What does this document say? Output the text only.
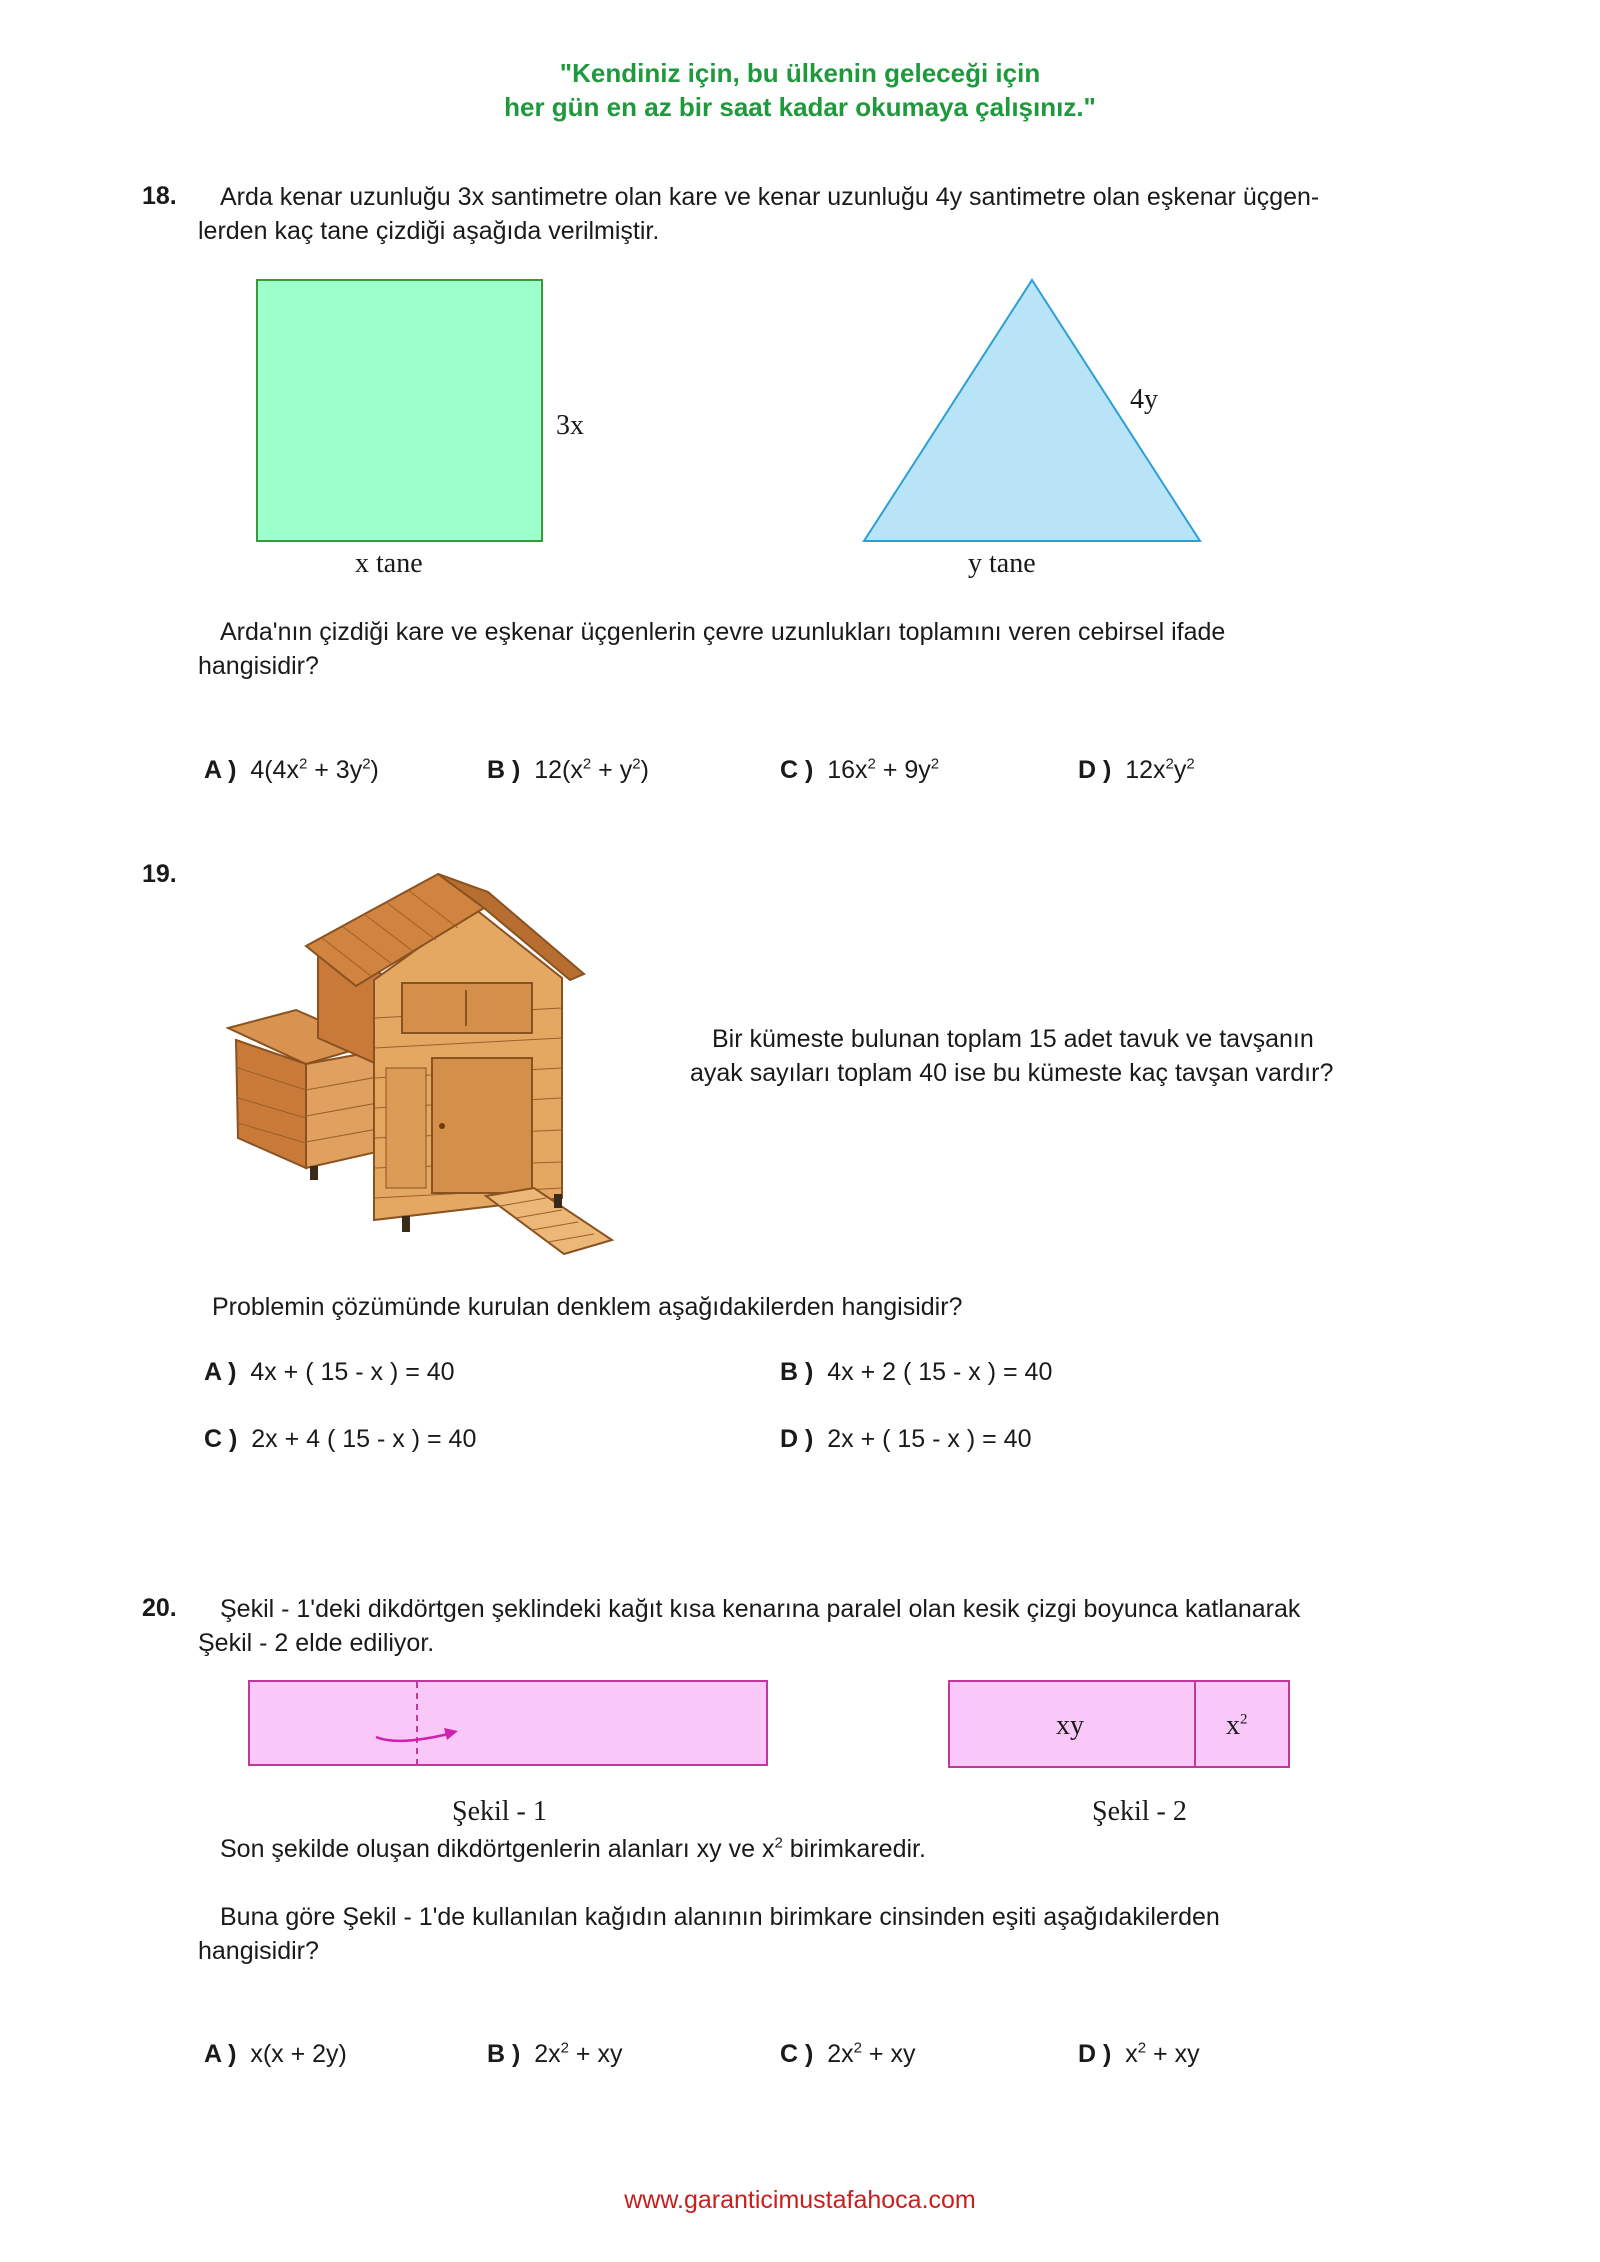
"Kendiniz için, bu ülkenin geleceği için
her gün en az bir saat kadar okumaya çalışınız."
18. Arda kenar uzunluğu 3x santimetre olan kare ve kenar uzunluğu 4y santimetre olan eşkenar üçgen-
lerden kaç tane çizdiği aşağıda verilmiştir.
3x
x tane
4y
y tane
Arda'nın çizdiği kare ve eşkenar üçgenlerin çevre uzunlukları toplamını veren cebirsel ifade
hangisidir?
A ) $4(4x^2 + 3y^2)$	B ) $12(x^2 + y^2)$	C ) $16x^2 + 9y^2$	D ) $12x^2y^2$
19.
Bir kümeste bulunan toplam 15 adet tavuk ve tavşanın
ayak sayıları toplam 40 ise bu kümeste kaç tavşan vardır?
Problemin çözümünde kurulan denklem aşağıdakilerden hangisidir?
A ) 4x + ( 15 - x ) = 40	B ) 4x + 2 ( 15 - x ) = 40
C ) 2x + 4 ( 15 - x ) = 40	D ) 2x + ( 15 - x ) = 40
20. Şekil - 1'deki dikdörtgen şeklindeki kağıt kısa kenarına paralel olan kesik çizgi boyunca katlanarak
Şekil - 2 elde ediliyor.
xy	$x^2$
Şekil - 1	Şekil - 2
Son şekilde oluşan dikdörtgenlerin alanları xy ve $x^2$ birimkaredir.
Buna göre Şekil - 1'de kullanılan kağıdın alanının birimkare cinsinden eşiti aşağıdakilerden
hangisidir?
A ) x(x + 2y)	B ) $2x^2$ + xy	C ) $2x^2$ + xy	D ) $x^2$ + xy
www.garanticimustafahoca.com
